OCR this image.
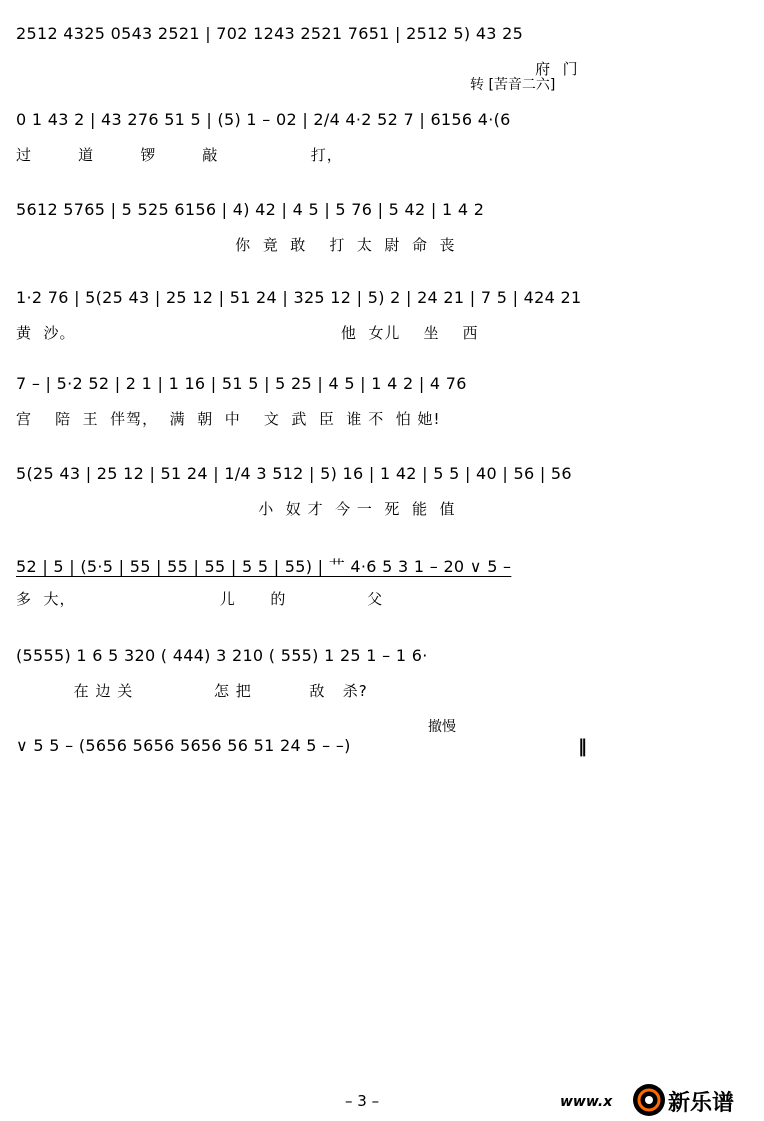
2512 4325 0543 2521 | 702 1243 2521 7651 | 2512 5) 43 25
府  门
转 [苦音二六]
0 1 43 2 | 43 276 51 5 | (5) 1 – 02 | 2/4 4·2 52 7 | 6156 4·(6
过        道        锣        敲                打，
5612 5765 | 5 525 6156 | 4) 42 | 4 5 | 5 76 | 5 42 | 1 4 2
你  竟  敢    打  太  尉  命  丧
1·2 76 | 5(25 43 | 25 12 | 51 24 | 325 12 | 5) 2 | 24 21 | 7 5 | 424 21
黄  沙。                                              他  女儿    坐    西
7 – | 5·2 52 | 2 1 | 1 16 | 51 5 | 5 25 | 4 5 | 1 4 2 | 4 76
宫    陪  王  伴驾，  满  朝  中    文  武  臣  谁 不  怕 她!
5(25 43 | 25 12 | 51 24 | 1/4 3 512 | 5) 16 | 1 42 | 5 5 | 40 | 56 | 56
小  奴 才  今 一  死  能  值
52 | 5 | (5·5 | 55 | 55 | 55 | 5 5 | 55) | 艹 4·6 5 3 1 – 20 ∨ 5 –
多  大，                         儿      的              父
(5555) 1 6 5 320 ( 444) 3 210 ( 555) 1 25 1 – 1 6·
在 边 关              怎 把          敌   杀?
撤慢
∨ 5 5 – (5656 5656 5656 56 51 24 5 – –)	‖
– 3 –	www.x	新乐谱
